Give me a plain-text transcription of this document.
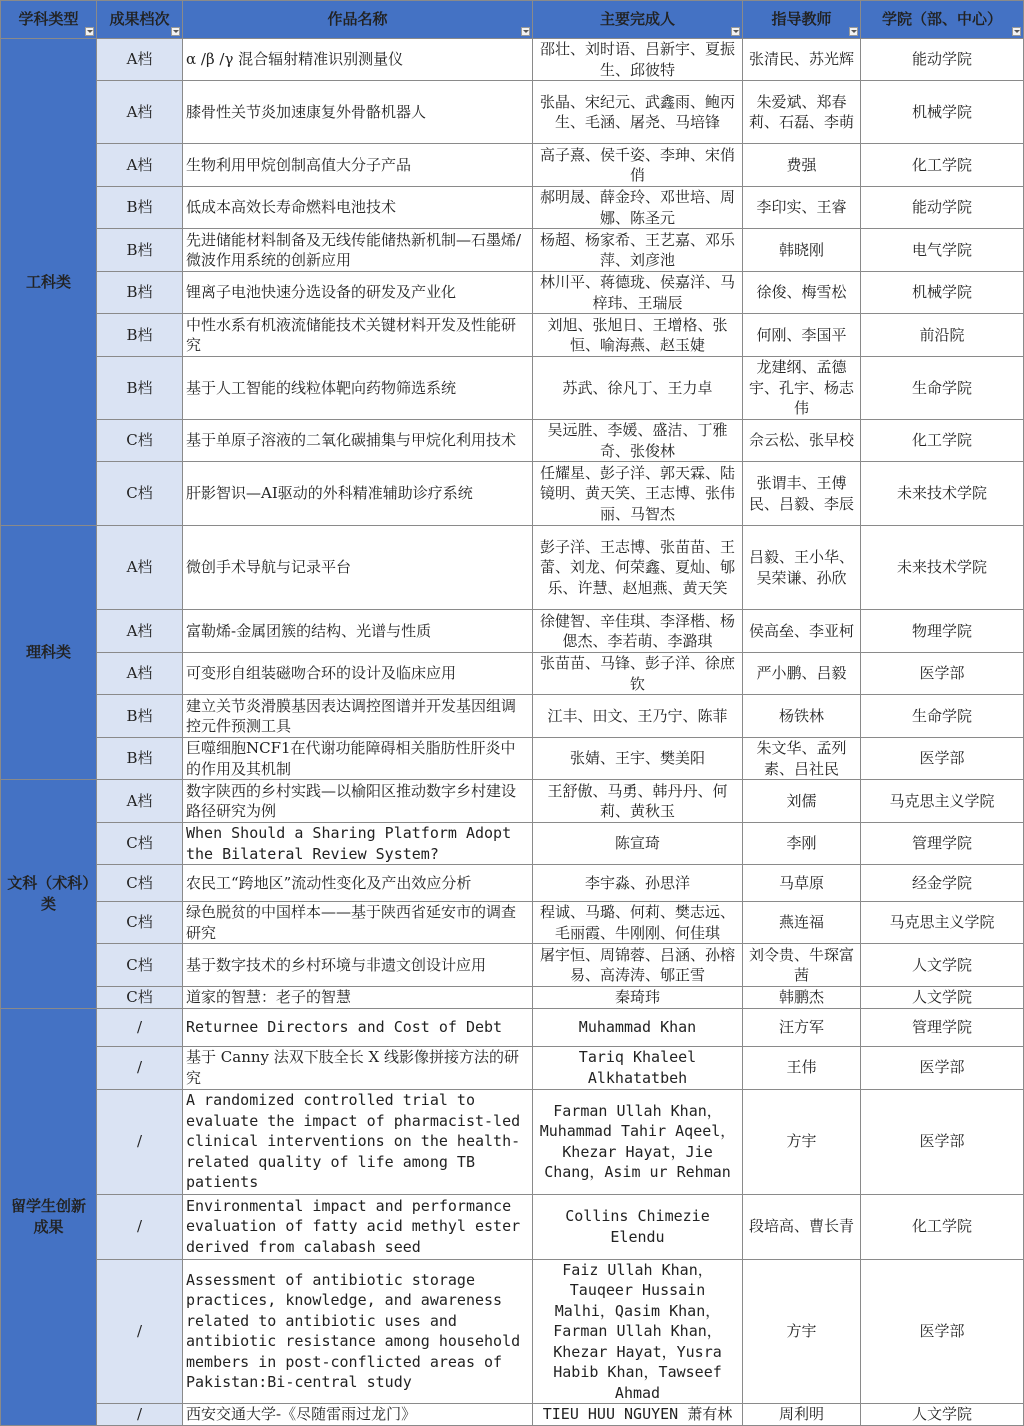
学科类型	成果档次	作品名称	主要完成人	指导教师	学院（部、中心）

工科类	A档	α /β /γ 混合辐射精准识别测量仪	邵壮、刘时语、吕新宇、夏振生、邱彼特	张清民、苏光辉	能动学院
	A档	膝骨性关节炎加速康复外骨骼机器人	张晶、宋纪元、武鑫雨、鲍丙生、毛涵、屠尧、马培锋	朱爱斌、郑春莉、石磊、李萌	机械学院
	A档	生物利用甲烷创制高值大分子产品	高子熹、侯千姿、李珅、宋俏俏	费强	化工学院
	B档	低成本高效长寿命燃料电池技术	郝明晟、薛金玲、邓世培、周娜、陈圣元	李印实、王睿	能动学院
	B档	先进储能材料制备及无线传能储热新机制—石墨烯/微波作用系统的创新应用	杨超、杨家希、王艺嘉、邓乐萍、刘彦池	韩晓刚	电气学院
	B档	锂离子电池快速分选设备的研发及产业化	林川平、蒋德珑、侯嘉洋、马梓玮、王瑞辰	徐俊、梅雪松	机械学院
	B档	中性水系有机液流储能技术关键材料开发及性能研究	刘旭、张旭日、王增格、张恒、喻海燕、赵玉婕	何刚、李国平	前沿院
	B档	基于人工智能的线粒体靶向药物筛选系统	苏武、徐凡丁、王力卓	龙建纲、孟德宇、孔宇、杨志伟	生命学院
	C档	基于单原子溶液的二氧化碳捕集与甲烷化利用技术	吴远胜、李媛、盛洁、丁雅奇、张俊林	佘云松、张早校	化工学院
	C档	肝影智识—AI驱动的外科精准辅助诊疗系统	任耀星、彭子洋、郭天霖、陆镜明、黄天笑、王志博、张伟丽、马智杰	张谓丰、王傅民、吕毅、李辰	未来技术学院
理科类	A档	微创手术导航与记录平台	彭子洋、王志博、张苗苗、王蕾、刘龙、何荣鑫、夏灿、郇乐、许慧、赵旭燕、黄天笑	吕毅、王小华、吴荣谦、孙欣	未来技术学院
	A档	富勒烯-金属团簇的结构、光谱与性质	徐健智、辛佳琪、李泽楷、杨偲杰、李若萌、李潞琪	侯高垒、李亚柯	物理学院
	A档	可变形自组装磁吻合环的设计及临床应用	张苗苗、马锋、彭子洋、徐庶钦	严小鹏、吕毅	医学部
	B档	建立关节炎滑膜基因表达调控图谱并开发基因组调控元件预测工具	江丰、田文、王乃宁、陈菲	杨铁林	生命学院
	B档	巨噬细胞NCF1在代谢功能障碍相关脂肪性肝炎中的作用及其机制	张婧、王宇、樊美阳	朱文华、孟列素、吕社民	医学部
文科（术科）类	A档	数字陕西的乡村实践—以榆阳区推动数字乡村建设路径研究为例	王舒傲、马勇、韩丹丹、何莉、黄秋玉	刘儒	马克思主义学院
	C档	When Should a Sharing Platform Adopt the Bilateral Review System?	陈宣琦	李刚	管理学院
	C档	农民工“跨地区”流动性变化及产出效应分析	李宇淼、孙思洋	马草原	经金学院
	C档	绿色脱贫的中国样本——基于陕西省延安市的调查研究	程诚、马璐、何莉、樊志远、毛丽霞、牛刚刚、何佳琪	燕连福	马克思主义学院
	C档	基于数字技术的乡村环境与非遗文创设计应用	屠宇恒、周锦蓉、吕涵、孙榕易、高涛涛、郇正雪	刘令贵、牛琛富茜	人文学院
	C档	道家的智慧：老子的智慧	秦琦玮	韩鹏杰	人文学院
留学生创新成果	/	Returnee Directors and Cost of Debt	Muhammad Khan	汪方军	管理学院
	/	基于 Canny 法双下肢全长 X 线影像拼接方法的研究	Tariq Khaleel Alkhatatbeh	王伟	医学部
	/	A randomized controlled trial to evaluate the impact of pharmacist-led clinical interventions on the health-related quality of life among TB patients	Farman Ullah Khan，Muhammad Tahir Aqeel，Khezar Hayat，Jie Chang，Asim ur Rehman	方宇	医学部
	/	Environmental impact and performance evaluation of fatty acid methyl ester derived from calabash seed	Collins Chimezie Elendu	段培高、曹长青	化工学院
	/	Assessment of antibiotic storage practices, knowledge, and awareness related to antibiotic uses and antibiotic resistance among household members in post-conflicted areas of Pakistan:Bi-central study	Faiz Ullah Khan，Tauqeer Hussain Malhi，Qasim Khan，Farman Ullah Khan，Khezar Hayat，Yusra Habib Khan，Tawseef Ahmad	方宇	医学部
	/	西安交通大学-《尽随雷雨过龙门》	TIEU HUU NGUYEN 萧有林	周利明	人文学院
